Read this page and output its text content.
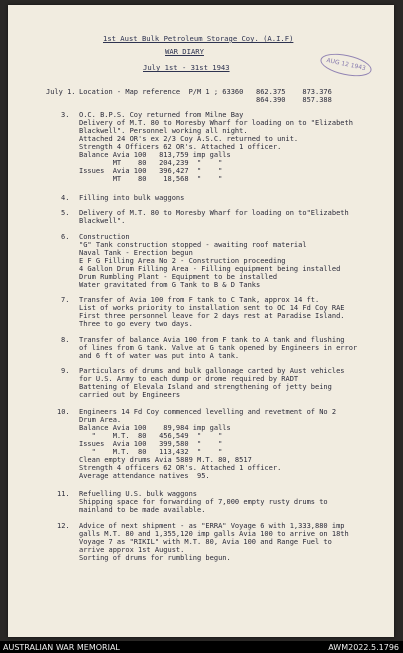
1st Aust Bulk Petroleum Storage Coy. (A.I.F)
WAR DIARY
July 1st - 31st 1943	AUG 12 1943
July 1. Location - Map reference  P/M 1 ; 63360   862.375    873.376
864.390    857.388
3. O.C. B.P.S. Coy returned from Milne Bay
Delivery of M.T. 80 to Moresby Wharf for loading on to "Elizabeth
Blackwell". Personnel working all night.
Attached 24 OR's ex 2/3 Coy A.S.C. returned to unit.
Strength 4 Officers 62 OR's. Attached 1 officer.
Balance Avia 100   813,759 imp galls
MT    80   204,239  "    "
Issues  Avia 100   396,427  "    "
MT    80    18,568  "    "
4. Filling into bulk waggons
5. Delivery of M.T. 80 to Moresby Wharf for loading on to"Elizabeth
Blackwell".
6. Construction
"G" Tank construction stopped - awaiting roof material
Naval Tank - Erection begun
E F G Filling Area No 2 - Construction proceeding
4 Gallon Drum Filling Area - Filling equipment being installed
Drum Rumbling Plant - Equipment to be installed
Water gravitated from G Tank to B & D Tanks
7. Transfer of Avia 100 from F tank to C Tank, approx 14 ft.
List of works priority to installation sent to OC 14 Fd Coy RAE
First three personnel leave for 2 days rest at Paradise Island.
Three to go every two days.
8. Transfer of balance Avia 100 from F tank to A tank and flushing
of lines from G tank. Valve at G tank opened by Engineers in error
and 6 ft of water was put into A tank.
9. Particulars of drums and bulk gallonage carted by Aust vehicles
for U.S. Army to each dump or drome required by RADT
Battening of Elevala Island and strengthening of jetty being
carried out by Engineers
10. Engineers 14 Fd Coy commenced levelling and revetment of No 2
Drum Area.
Balance Avia 100    89,984 imp galls
"    M.T.  80   456,549  "    "
Issues  Avia 100   399,580  "    "
"    M.T.  80   113,432  "    "
Clean empty drums Avia 5889 M.T. 80, 8517
Strength 4 officers 62 OR's. Attached 1 officer.
Average attendance natives  95.
11. Refuelling U.S. bulk waggons
Shipping space for forwarding of 7,000 empty rusty drums to
mainland to be made available.
12. Advice of next shipment - as "ERRA" Voyage 6 with 1,333,880 imp
galls M.T. 80 and 1,355,120 imp galls Avia 100 to arrive on 18th
Voyage 7 as "RIKIL" with M.T. 80, Avia 100 and Range Fuel to
arrive approx 1st August.
Sorting of drums for rumbling begun.
AUSTRALIAN WAR MEMORIAL	AWM2022.5.1796
